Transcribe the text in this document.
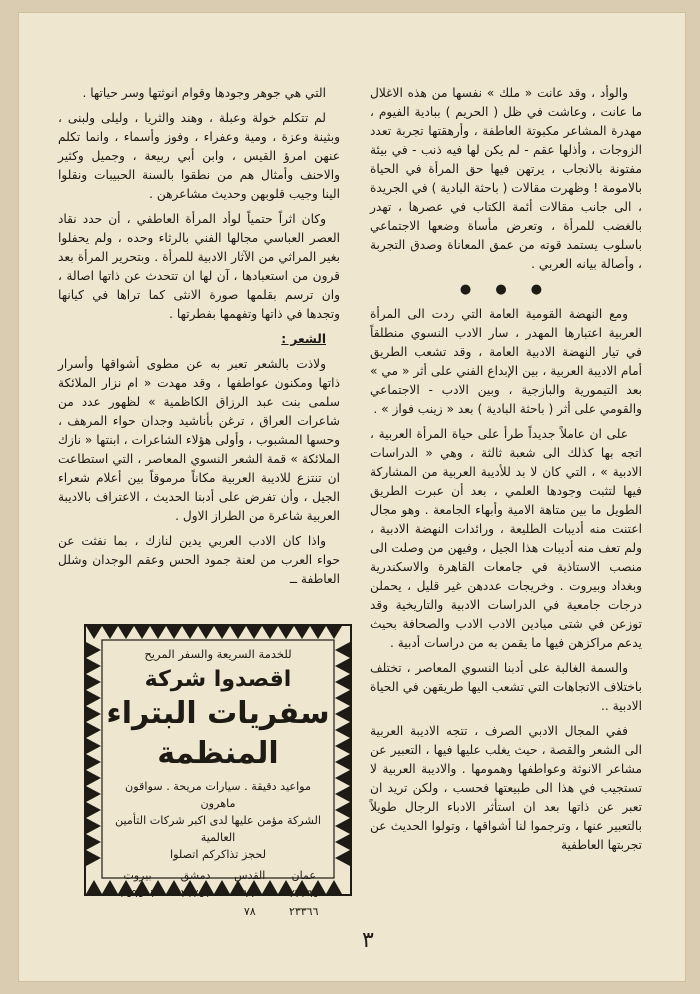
والوأد ، وقد عانت « ملك » نفسها من هذه الاغلال ما عانت ، وعاشت في ظل ( الحريم ) ببادية الفيوم ، مهدرة المشاعر مكبوتة العاطفة ، وأرهقتها تجربة تعدد الزوجات ، وأذلها عقم - لم يكن لها فيه ذنب - في بيئة مفتونة بالانجاب ، يرتهن فيها حق المرأة في الحياة بالامومة ! وظهرت مقالات ( باحثة البادية ) في الجريدة ، الى جانب مقالات أئمة الكتاب في عصرها ، تهدر بالغضب للمرأة ، وتعرض مأساة وضعها الاجتماعي باسلوب يستمد قوته من عمق المعاناة وصدق التجربة ، وأصالة بيانه العربي .

● ● ●

ومع النهضة القومية العامة التي ردت الى المرأة العربية اعتبارها المهدر ، سار الادب النسوي منطلقاً في تيار النهضة الادبية العامة ، وقد تشعب الطريق أمام الاديبة العربية ، بين الإبداع الفني على أثر « مي » بعد التيمورية والبازجية ، وبين الادب - الاجتماعي والقومي على أثر ( باحثة البادية ) بعد « زينب فواز » .

على ان عاملاً جديداً طرأ على حياة المرأة العربية ، اتجه بها كذلك الى شعبة ثالثة ، وهي « الدراسات الادبية » ، التي كان لا بد للأديبة العربية من المشاركة فيها لتثبت وجودها العلمي ، بعد أن عبرت الطريق الطويل ما بين متاهة الامية وأبهاء الجامعة . وهو مجال اعتنت منه أديبات الطليعة ، ورائدات النهضة الادبية ، ولم تعف منه أديبات هذا الجيل ، وفيهن من وصلت الى منصب الاستاذية في جامعات القاهرة والاسكندرية وبغداد وبيروت . وخريجات عددهن غير قليل ، يحملن درجات جامعية في الدراسات الادبية والتاريخية وقد توزعن في شتى ميادين الادب الادب والصحافة بحيث يدعم مراكزهن فيها ما يقمن به من دراسات أدبية .

والسمة الغالبة على أدبنا النسوي المعاصر ، تختلف باختلاف الاتجاهات التي تشعب اليها طريقهن في الحياة الادبية ..

ففي المجال الادبي الصرف ، تتجه الاديبة العربية الى الشعر والقصة ، حيث يغلب عليها فيها ، التعبير عن مشاعر الانوثة وعواطفها وهمومها . والاديبة العربية لا تستجيب في هذا الى طبيعتها فحسب ، ولكن تريد ان تعبر عن ذاتها بعد ان استأثر الادباء الرجال طويلاً بالتعبير عنها ، وترجموا لنا أشواقها ، وتولوا الحديث عن تجربتها العاطفية

التي هي جوهر وجودها وقوام انوثتها وسر حياتها .

لم تتكلم خولة وعبلة ، وهند والثريا ، وليلى ولبنى ، وبثينة وعزة ، ومية وعفراء ، وفوز وأسماء ، وانما تكلم عنهن امرؤ القيس ، وابن أبي ربيعة ، وجميل وكثير والاحنف وأمثال هم من نطقوا بالسنة الحبيبات ونقلوا الينا وجيب قلوبهن وحديث مشاعرهن .

وكان اثراً حتمياً لوأد المرأة العاطفي ، أن حدد نقاد العصر العباسي مجالها الفني بالرثاء وحده ، ولم يحفلوا بغير المراثي من الآثار الادبية للمرأة . وبتحرير المرأة بعد قرون من استعبادها ، آن لها ان تتحدث عن ذاتها اصالة ، وان ترسم بقلمها صورة الانثى كما تراها في كيانها وتجدها في ذاتها وتفهمها بفطرتها .

الشعر :

ولاذت بالشعر تعبر به عن مطوى أشواقها وأسرار ذاتها ومكنون عواطفها ، وقد مهدت « ام نزار الملائكة سلمى بنت عبد الرزاق الكاظمية » لظهور عدد من شاعرات العراق ، ترغن بأناشيد وجدان حواء المرهف ، وحسها المشبوب ، وأولى هؤلاء الشاعرات ، ابنتها « نازك الملائكة » قمة الشعر النسوي المعاصر ، التي استطاعت ان تنتزع للاديبة العربية مكاناً مرموقاً بين أعلام شعراء الجيل ، وأن تفرض على أدبنا الحديث ، الاعتراف بالاديبة العربية شاعرة من الطراز الاول .

واذا كان الادب العربي يدين لنازك ، بما نفثت عن حواء العرب من لعنة جمود الحس وعقم الوجدان وشلل العاطفة ــ

للخدمة السريعة والسفر المريح
اقصدوا شركة
سفريات البتراء المنظمة
مواعيد دقيقة . سيارات مريحة . سواقون ماهرون
الشركة مؤمن عليها لدى اكبر شركات التأمين العالمية
لحجز تذاكركم اتصلوا
عمان	القدس	دمشق	بيروت
٢٣٣٦٥	٧٧	٢١٢٤١	٢٤٩٤٠١
٢٣٣٦٦	٧٨		
٣
